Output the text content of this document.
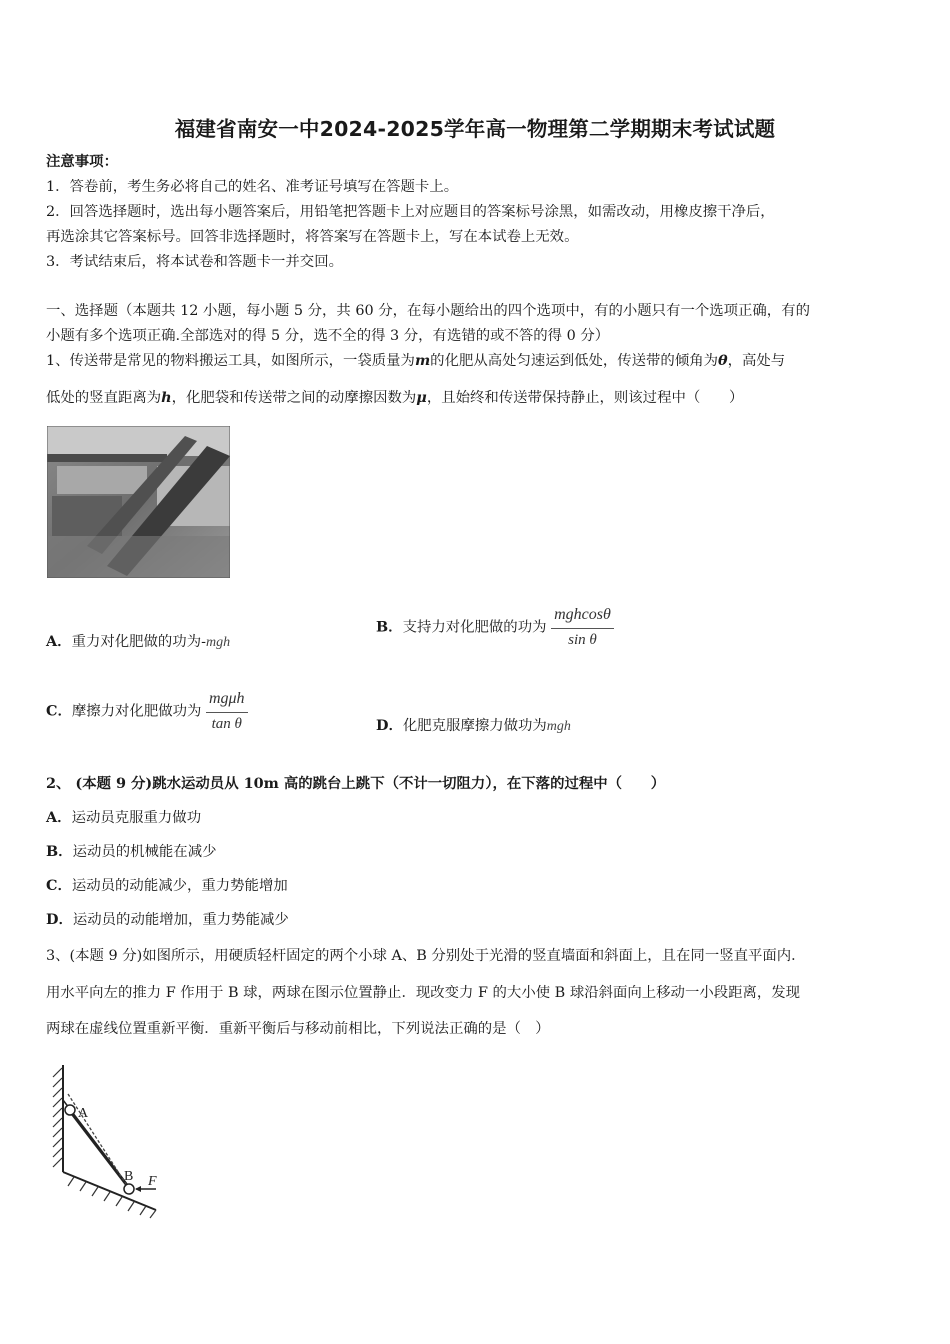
福建省南安一中2024-2025学年高一物理第二学期期末考试试题
注意事项：
1．答卷前，考生务必将自己的姓名、准考证号填写在答题卡上。
2．回答选择题时，选出每小题答案后，用铅笔把答题卡上对应题目的答案标号涂黑，如需改动，用橡皮擦干净后，
再选涂其它答案标号。回答非选择题时，将答案写在答题卡上，写在本试卷上无效。
3．考试结束后，将本试卷和答题卡一并交回。
一、选择题（本题共 12 小题，每小题 5 分，共 60 分，在每小题给出的四个选项中，有的小题只有一个选项正确，有的
小题有多个选项正确.全部选对的得 5 分，选不全的得 3 分，有选错的或不答的得 0 分）
1、传送带是常见的物料搬运工具，如图所示，一袋质量为m的化肥从高处匀速运到低处，传送带的倾角为θ，高处与
低处的竖直距离为h，化肥袋和传送带之间的动摩擦因数为μ，且始终和传送带保持静止，则该过程中（　　）
A．重力对化肥做的功为-mgh
B．支持力对化肥做的功为 $\frac{\text{mghcosθ}}{\text{sin θ}}$
C．摩擦力对化肥做功为 $\frac{\text{mgμh}}{\text{tan θ}}$	D．化肥克服摩擦力做功为mgh
2、 (本题 9 分)跳水运动员从 10m 高的跳台上跳下（不计一切阻力），在下落的过程中（　　）
A．运动员克服重力做功
B．运动员的机械能在减少
C．运动员的动能减少，重力势能增加
D．运动员的动能增加，重力势能减少
3、(本题 9 分)如图所示，用硬质轻杆固定的两个小球 A、B 分别处于光滑的竖直墙面和斜面上，且在同一竖直平面内．
用水平向左的推力 F 作用于 B 球，两球在图示位置静止．现改变力 F 的大小使 B 球沿斜面向上移动一小段距离，发现
两球在虚线位置重新平衡．重新平衡后与移动前相比，下列说法正确的是（　）
A
B F
